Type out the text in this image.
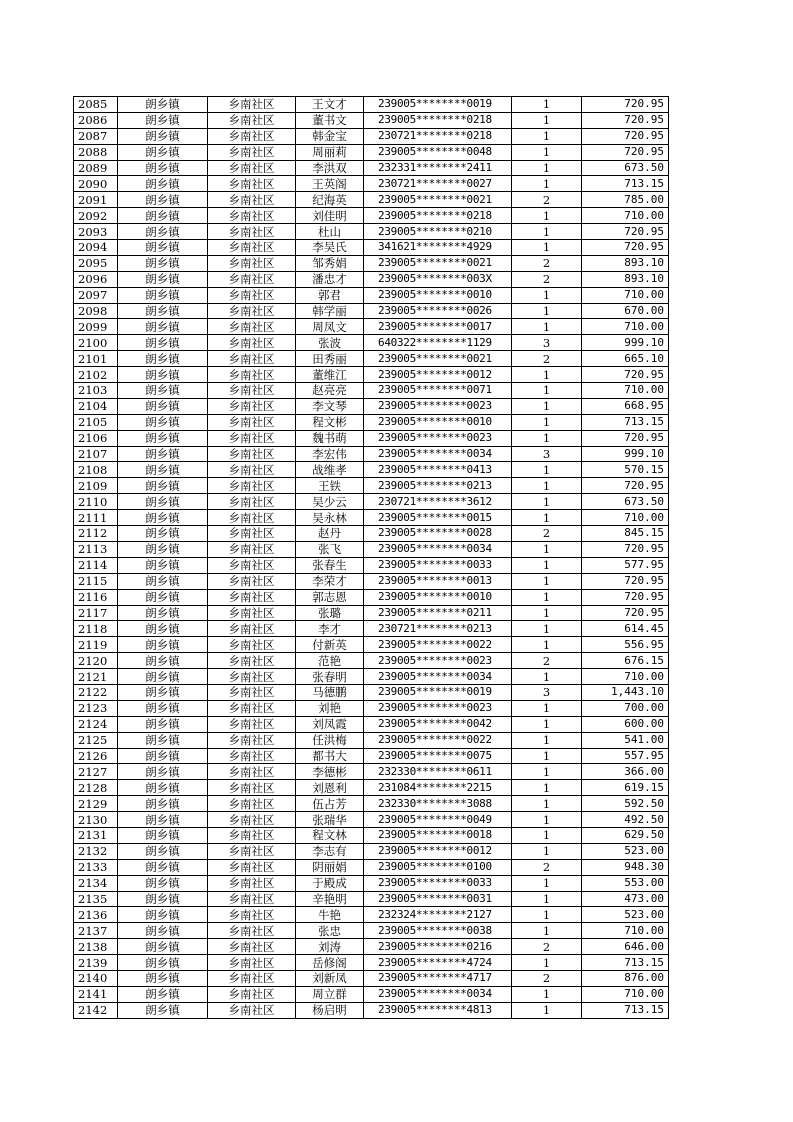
2085	朗乡镇	乡南社区	王文才	239005********0019	1	720.95
2086	朗乡镇	乡南社区	董书文	239005********0218	1	720.95
2087	朗乡镇	乡南社区	韩金宝	230721********0218	1	720.95
2088	朗乡镇	乡南社区	周丽莉	239005********0048	1	720.95
2089	朗乡镇	乡南社区	李洪双	232331********2411	1	673.50
2090	朗乡镇	乡南社区	王英阁	230721********0027	1	713.15
2091	朗乡镇	乡南社区	纪海英	239005********0021	2	785.00
2092	朗乡镇	乡南社区	刘佳明	239005********0218	1	710.00
2093	朗乡镇	乡南社区	杜山	239005********0210	1	720.95
2094	朗乡镇	乡南社区	李吴氏	341621********4929	1	720.95
2095	朗乡镇	乡南社区	邹秀娟	239005********0021	2	893.10
2096	朗乡镇	乡南社区	潘忠才	239005********003X	2	893.10
2097	朗乡镇	乡南社区	郭君	239005********0010	1	710.00
2098	朗乡镇	乡南社区	韩学丽	239005********0026	1	670.00
2099	朗乡镇	乡南社区	周凤文	239005********0017	1	710.00
2100	朗乡镇	乡南社区	张波	640322********1129	3	999.10
2101	朗乡镇	乡南社区	田秀丽	239005********0021	2	665.10
2102	朗乡镇	乡南社区	董维江	239005********0012	1	720.95
2103	朗乡镇	乡南社区	赵亮亮	239005********0071	1	710.00
2104	朗乡镇	乡南社区	李文琴	239005********0023	1	668.95
2105	朗乡镇	乡南社区	程文彬	239005********0010	1	713.15
2106	朗乡镇	乡南社区	魏书萌	239005********0023	1	720.95
2107	朗乡镇	乡南社区	李宏伟	239005********0034	3	999.10
2108	朗乡镇	乡南社区	战维孝	239005********0413	1	570.15
2109	朗乡镇	乡南社区	王铁	239005********0213	1	720.95
2110	朗乡镇	乡南社区	吴少云	230721********3612	1	673.50
2111	朗乡镇	乡南社区	吴永林	239005********0015	1	710.00
2112	朗乡镇	乡南社区	赵丹	239005********0028	2	845.15
2113	朗乡镇	乡南社区	张飞	239005********0034	1	720.95
2114	朗乡镇	乡南社区	张春生	239005********0033	1	577.95
2115	朗乡镇	乡南社区	李荣才	239005********0013	1	720.95
2116	朗乡镇	乡南社区	郭志恩	239005********0010	1	720.95
2117	朗乡镇	乡南社区	张璐	239005********0211	1	720.95
2118	朗乡镇	乡南社区	李才	230721********0213	1	614.45
2119	朗乡镇	乡南社区	付新英	239005********0022	1	556.95
2120	朗乡镇	乡南社区	范艳	239005********0023	2	676.15
2121	朗乡镇	乡南社区	张春明	239005********0034	1	710.00
2122	朗乡镇	乡南社区	马德鹏	239005********0019	3	1,443.10
2123	朗乡镇	乡南社区	刘艳	239005********0023	1	700.00
2124	朗乡镇	乡南社区	刘凤霞	239005********0042	1	600.00
2125	朗乡镇	乡南社区	任洪梅	239005********0022	1	541.00
2126	朗乡镇	乡南社区	都书大	239005********0075	1	557.95
2127	朗乡镇	乡南社区	李德彬	232330********0611	1	366.00
2128	朗乡镇	乡南社区	刘恩利	231084********2215	1	619.15
2129	朗乡镇	乡南社区	伍占芳	232330********3088	1	592.50
2130	朗乡镇	乡南社区	张瑞华	239005********0049	1	492.50
2131	朗乡镇	乡南社区	程文林	239005********0018	1	629.50
2132	朗乡镇	乡南社区	李志有	239005********0012	1	523.00
2133	朗乡镇	乡南社区	阴丽娟	239005********0100	2	948.30
2134	朗乡镇	乡南社区	于殿成	239005********0033	1	553.00
2135	朗乡镇	乡南社区	辛艳明	239005********0031	1	473.00
2136	朗乡镇	乡南社区	牛艳	232324********2127	1	523.00
2137	朗乡镇	乡南社区	张忠	239005********0038	1	710.00
2138	朗乡镇	乡南社区	刘涛	239005********0216	2	646.00
2139	朗乡镇	乡南社区	岳修阁	239005********4724	1	713.15
2140	朗乡镇	乡南社区	刘新凤	239005********4717	2	876.00
2141	朗乡镇	乡南社区	周立群	239005********0034	1	710.00
2142	朗乡镇	乡南社区	杨启明	239005********4813	1	713.15
